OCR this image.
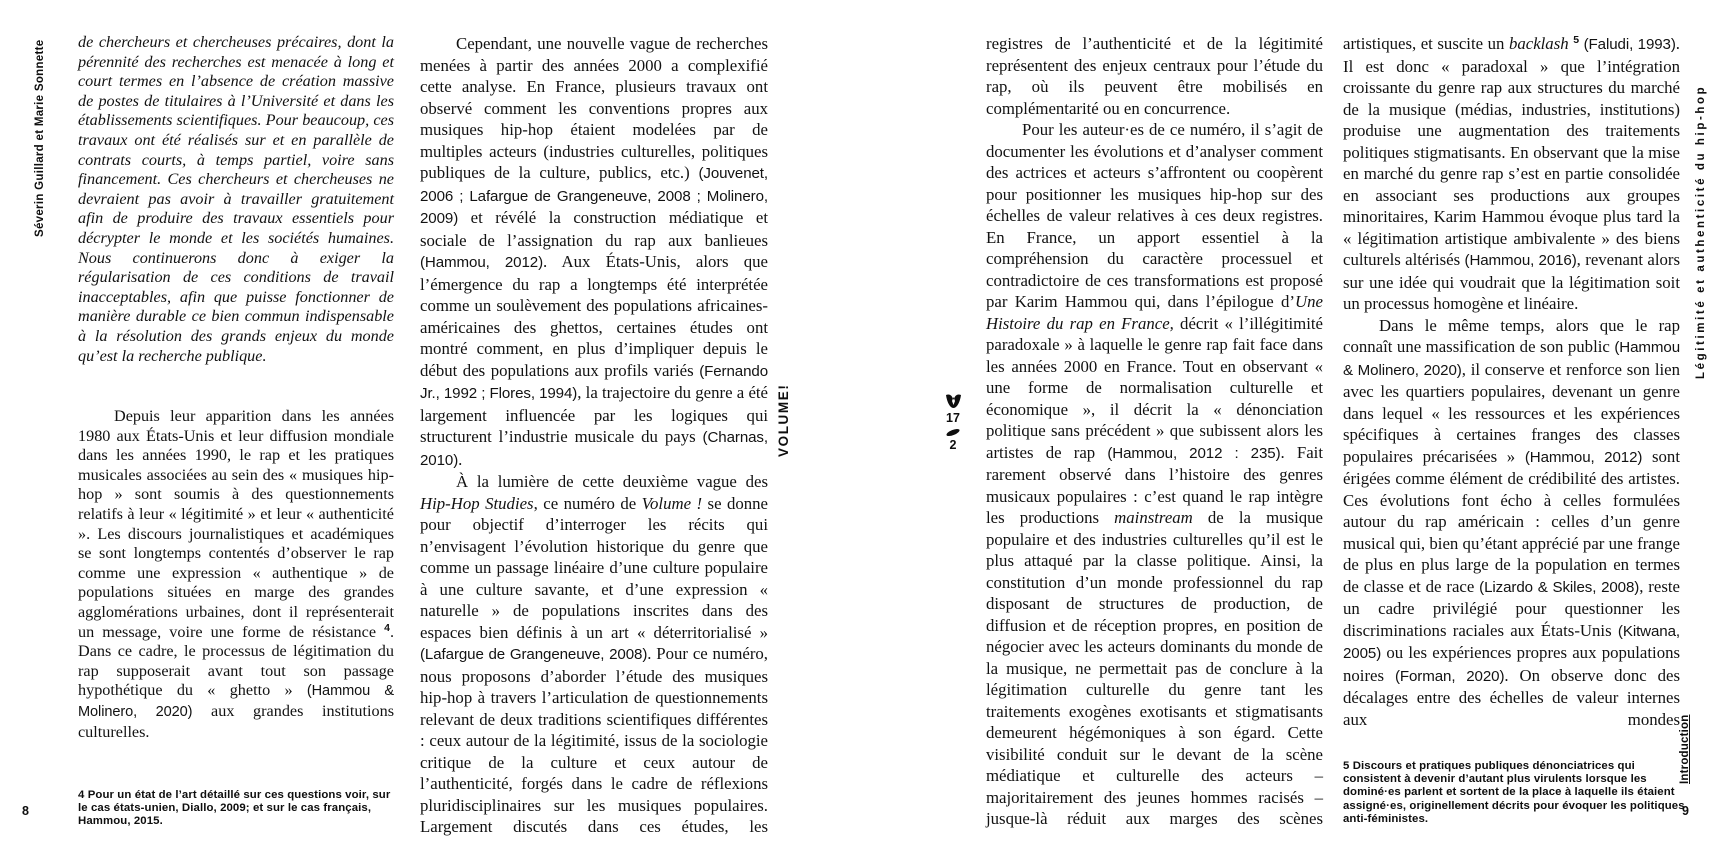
Séverin Guillard et Marie Sonnette
8

de chercheurs et chercheuses précaires, dont la pérennité des recherches est menacée à long et court termes en l’absence de création massive de postes de titulaires à l’Université et dans les établissements scientifiques. Pour beaucoup, ces travaux ont été réalisés sur et en parallèle de contrats courts, à temps partiel, voire sans financement. Ces chercheurs et chercheuses ne devraient pas avoir à travailler gratuitement afin de produire des travaux essentiels pour décrypter le monde et les sociétés humaines. Nous continuerons donc à exiger la régularisation de ces conditions de travail inacceptables, afin que puisse fonctionner de manière durable ce bien commun indispensable à la résolution des grands enjeux du monde qu’est la recherche publique.

Depuis leur apparition dans les années 1980 aux États-Unis et leur diffusion mondiale dans les années 1990, le rap et les pratiques musicales associées au sein des « musiques hip-hop » sont soumis à des questionnements relatifs à leur « légitimité » et leur « authenticité ». Les discours journalistiques et académiques se sont longtemps contentés d’observer le rap comme une expression « authentique » de populations situées en marge des grandes agglomérations urbaines, dont il représenterait un message, voire une forme de résistance $^4$. Dans ce cadre, le processus de légitimation du rap supposerait avant tout son passage hypothétique du « ghetto » (Hammou & Molinero, 2020) aux grandes institutions culturelles.

Cependant, une nouvelle vague de recherches menées à partir des années 2000 a complexifié cette analyse. En France, plusieurs travaux ont observé comment les conventions propres aux musiques hip-hop étaient modelées par de multiples acteurs (industries culturelles, politiques publiques de la culture, publics, etc.) (Jouvenet, 2006 ; Lafargue de Grangeneuve, 2008 ; Molinero, 2009) et révélé la construction médiatique et sociale de l’assignation du rap aux banlieues (Hammou, 2012). Aux États-Unis, alors que l’émergence du rap a longtemps été interprétée comme un soulèvement des populations africaines-américaines des ghettos, certaines études ont montré comment, en plus d’impliquer depuis le début des populations aux profils variés (Fernando Jr., 1992 ; Flores, 1994), la trajectoire du genre a été largement influencée par les logiques qui structurent l’industrie musicale du pays (Charnas, 2010).

À la lumière de cette deuxième vague des Hip-Hop Studies, ce numéro de Volume ! se donne pour objectif d’interroger les récits qui n’envisagent l’évolution historique du genre que comme un passage linéaire d’une culture populaire à une culture savante, et d’une expression « naturelle » de populations inscrites dans des espaces bien définis à un art « déterritorialisé » (Lafargue de Grangeneuve, 2008). Pour ce numéro, nous proposons d’aborder l’étude des musiques hip-hop à travers l’articulation de questionnements relevant de deux traditions scientifiques différentes : ceux autour de la légitimité, issus de la sociologie critique de la culture et ceux autour de l’authenticité, forgés dans le cadre de réflexions pluridisciplinaires sur les musiques populaires. Largement discutés dans ces études, les

4 Pour un état de l’art détaillé sur ces questions voir, sur le cas états-unien, Diallo, 2009; et sur le cas français, Hammou, 2015.

VOLUME!	17
2

registres de l’authenticité et de la légitimité représentent des enjeux centraux pour l’étude du rap, où ils peuvent être mobilisés en complémentarité ou en concurrence.

Pour les auteur·es de ce numéro, il s’agit de documenter les évolutions et d’analyser comment des actrices et acteurs s’affrontent ou coopèrent pour positionner les musiques hip-hop sur des échelles de valeur relatives à ces deux registres. En France, un apport essentiel à la compréhension du caractère processuel et contradictoire de ces transformations est proposé par Karim Hammou qui, dans l’épilogue d’Une Histoire du rap en France, décrit « l’illégitimité paradoxale » à laquelle le genre rap fait face dans les années 2000 en France. Tout en observant « une forme de normalisation culturelle et économique », il décrit la « dénonciation politique sans précédent » que subissent alors les artistes de rap (Hammou, 2012 : 235). Fait rarement observé dans l’histoire des genres musicaux populaires : c’est quand le rap intègre les productions mainstream de la musique populaire et des industries culturelles qu’il est le plus attaqué par la classe politique. Ainsi, la constitution d’un monde professionnel du rap disposant de structures de production, de diffusion et de réception propres, en position de négocier avec les acteurs dominants du monde de la musique, ne permettait pas de conclure à la légitimation culturelle du genre tant les traitements exogènes exotisants et stigmatisants demeurent hégémoniques à son égard. Cette visibilité conduit sur le devant de la scène médiatique et culturelle des acteurs – majoritairement des jeunes hommes racisés – jusque-là réduit aux marges des scènes

artistiques, et suscite un backlash $^5$ (Faludi, 1993). Il est donc « paradoxal » que l’intégration croissante du genre rap aux structures du marché de la musique (médias, industries, institutions) produise une augmentation des traitements politiques stigmatisants. En observant que la mise en marché du genre rap s’est en partie consolidée en associant ses productions aux groupes minoritaires, Karim Hammou évoque plus tard la « légitimation artistique ambivalente » des biens culturels altérisés (Hammou, 2016), revenant alors sur une idée qui voudrait que la légitimation soit un processus homogène et linéaire.

Dans le même temps, alors que le rap connaît une massification de son public (Hammou & Molinero, 2020), il conserve et renforce son lien avec les quartiers populaires, devenant un genre dans lequel « les ressources et les expériences spécifiques à certaines franges des classes populaires précarisées » (Hammou, 2012) sont érigées comme élément de crédibilité des artistes. Ces évolutions font écho à celles formulées autour du rap américain : celles d’un genre musical qui, bien qu’étant apprécié par une frange de plus en plus large de la population en termes de classe et de race (Lizardo & Skiles, 2008), reste un cadre privilégié pour questionner les discriminations raciales aux États-Unis (Kitwana, 2005) ou les expériences propres aux populations noires (Forman, 2020). On observe donc des décalages entre des échelles de valeur internes aux mondes

5 Discours et pratiques publiques dénonciatrices qui consistent à devenir d’autant plus virulents lorsque les dominé·es parlent et sortent de la place à laquelle ils étaient assigné·es, originellement décrits pour évoquer les politiques anti-féministes.

Légitimité et authenticité du hip-hop
Introduction
9
